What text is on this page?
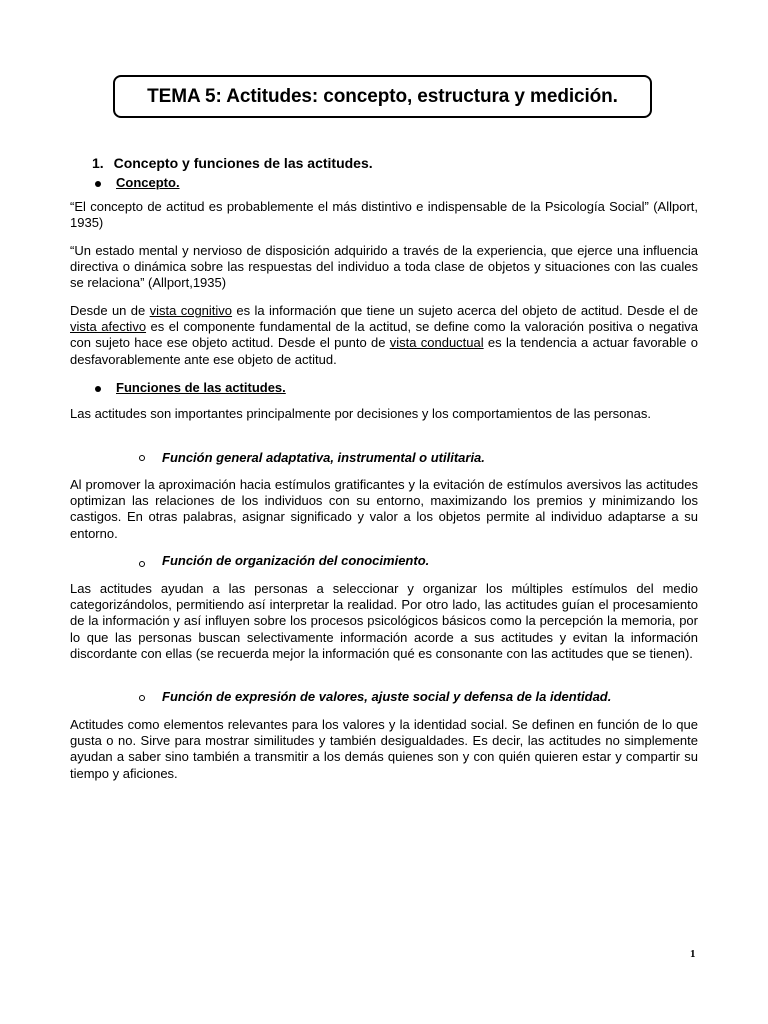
TEMA 5: Actitudes: concepto, estructura y medición.
1. Concepto y funciones de las actitudes.
Concepto.
“El concepto de actitud es probablemente el más distintivo e indispensable de la Psicología Social” (Allport, 1935)
“Un estado mental y nervioso de disposición adquirido a través de la experiencia, que ejerce una influencia directiva o dinámica sobre las respuestas del individuo a toda clase de objetos y situaciones con las cuales se relaciona” (Allport,1935)
Desde un de vista cognitivo es la información que tiene un sujeto acerca del objeto de actitud. Desde el de vista afectivo es el componente fundamental de la actitud, se define como la valoración positiva o negativa con sujeto hace ese objeto actitud. Desde el punto de vista conductual es la tendencia a actuar favorable o desfavorablemente ante ese objeto de actitud.
Funciones de las actitudes.
Las actitudes son importantes principalmente por decisiones y los comportamientos de las personas.
Función general adaptativa, instrumental o utilitaria.
Al promover la aproximación hacia estímulos gratificantes y la evitación de estímulos aversivos las actitudes optimizan las relaciones de los individuos con su entorno, maximizando los premios y minimizando los castigos. En otras palabras, asignar significado y valor a los objetos permite al individuo adaptarse a su entorno.
Función de organización del conocimiento.
Las actitudes ayudan a las personas a seleccionar y organizar los múltiples estímulos del medio categorizándolos, permitiendo así interpretar la realidad. Por otro lado, las actitudes guían el procesamiento de la información y así influyen sobre los procesos psicológicos básicos como la percepción la memoria, por lo que las personas buscan selectivamente información acorde a sus actitudes y evitan la información discordante con ellas (se recuerda mejor la información qué es consonante con las actitudes que se tienen).
Función de expresión de valores, ajuste social y defensa de la identidad.
Actitudes como elementos relevantes para los valores y la identidad social. Se definen en función de lo que gusta o no. Sirve para mostrar similitudes y también desigualdades. Es decir, las actitudes no simplemente ayudan a saber sino también a transmitir a los demás quienes son y con quién quieren estar y compartir su tiempo y aficiones.
1
